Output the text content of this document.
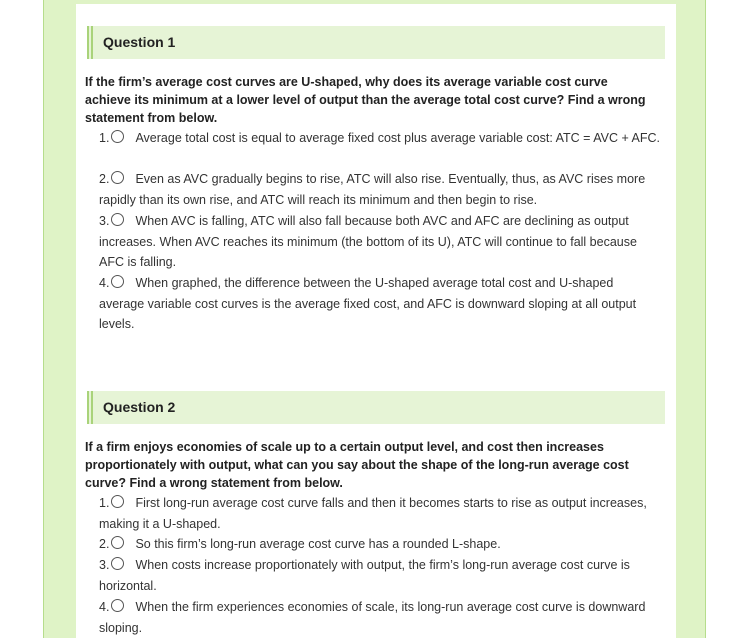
Question 1
If the firm’s average cost curves are U-shaped, why does its average variable cost curve achieve its minimum at a lower level of output than the average total cost curve? Find a wrong statement from below.
1. Average total cost is equal to average fixed cost plus average variable cost: ATC = AVC + AFC.
2. Even as AVC gradually begins to rise, ATC will also rise. Eventually, thus, as AVC rises more rapidly than its own rise, and ATC will reach its minimum and then begin to rise.
3. When AVC is falling, ATC will also fall because both AVC and AFC are declining as output increases. When AVC reaches its minimum (the bottom of its U), ATC will continue to fall because AFC is falling.
4. When graphed, the difference between the U-shaped average total cost and U-shaped average variable cost curves is the average fixed cost, and AFC is downward sloping at all output levels.
Question 2
If a firm enjoys economies of scale up to a certain output level, and cost then increases proportionately with output, what can you say about the shape of the long-run average cost curve? Find a wrong statement from below.
1. First long-run average cost curve falls and then it becomes starts to rise as output increases, making it a U-shaped.
2. So this firm’s long-run average cost curve has a rounded L-shape.
3. When costs increase proportionately with output, the firm’s long-run average cost curve is horizontal.
4. When the firm experiences economies of scale, its long-run average cost curve is downward sloping.
